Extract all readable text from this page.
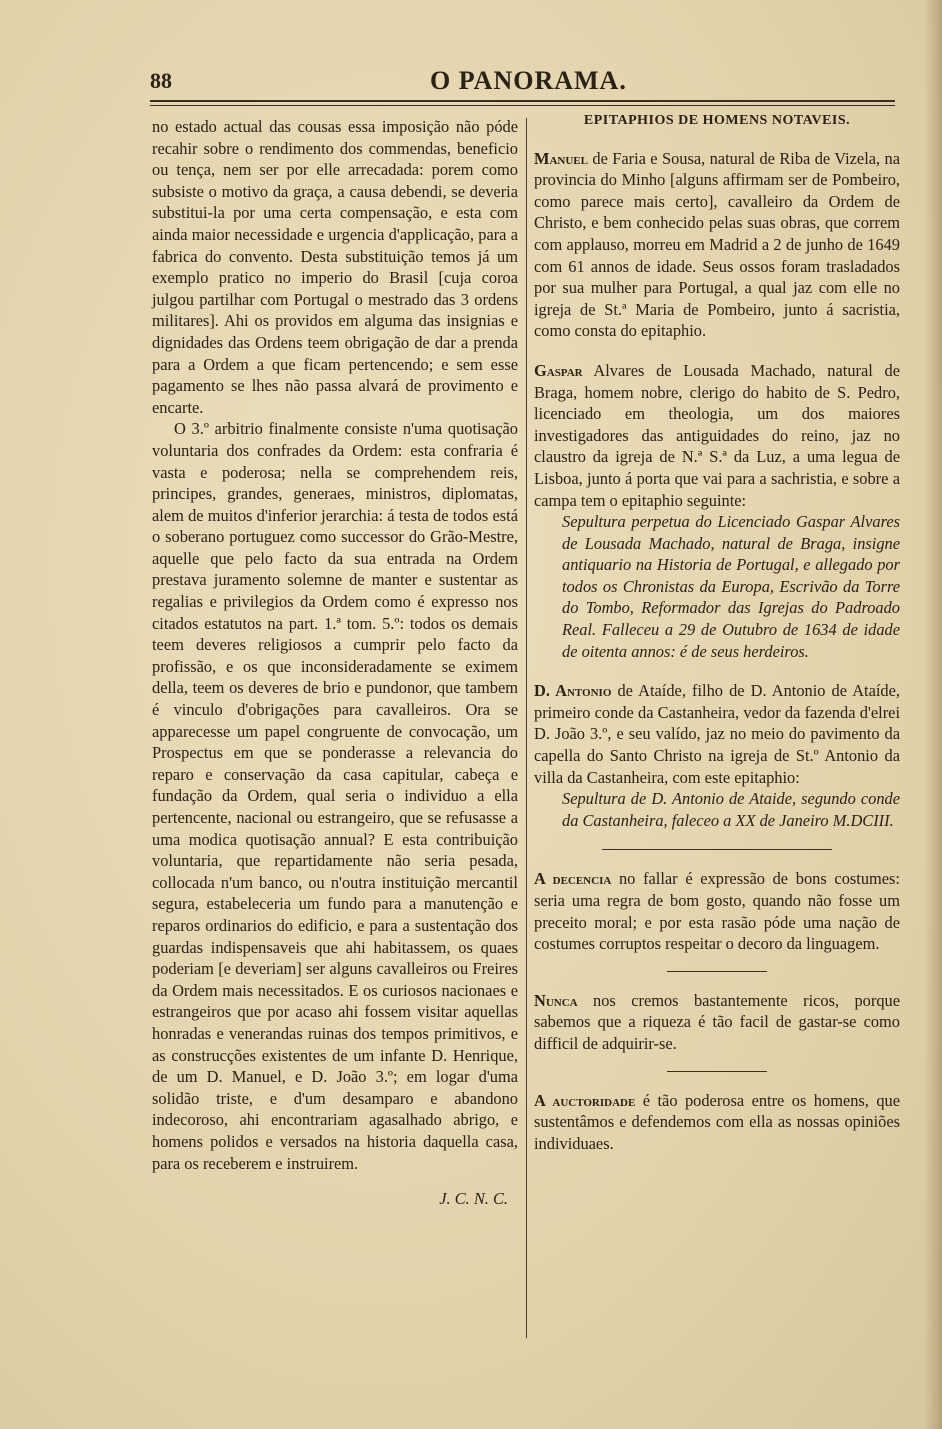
88	O PANORAMA.

no estado actual das cousas essa imposição não póde recahir sobre o rendimento dos commendas, beneficio ou tença, nem ser por elle arrecadada: porem como subsiste o motivo da graça, a causa debendi, se deveria substitui-la por uma certa compensação, e esta com ainda maior necessidade e urgencia d'applicação, para a fabrica do convento. Desta substituição temos já um exemplo pratico no imperio do Brasil [cuja coroa julgou partilhar com Portugal o mestrado das 3 ordens militares]. Ahi os providos em alguma das insignias e dignidades das Ordens teem obrigação de dar a prenda para a Ordem a que ficam pertencendo; e sem esse pagamento se lhes não passa alvará de provimento e encarte.

O 3.º arbitrio finalmente consiste n'uma quotisação voluntaria dos confrades da Ordem: esta confraria é vasta e poderosa; nella se comprehendem reis, principes, grandes, generaes, ministros, diplomatas, alem de muitos d'inferior jerarchia: á testa de todos está o soberano portuguez como successor do Grão-Mestre, aquelle que pelo facto da sua entrada na Ordem prestava juramento solemne de manter e sustentar as regalias e privilegios da Ordem como é expresso nos citados estatutos na part. 1.ª tom. 5.º: todos os demais teem deveres religiosos a cumprir pelo facto da profissão, e os que inconsideradamente se eximem della, teem os deveres de brio e pundonor, que tambem é vinculo d'obrigações para cavalleiros. Ora se apparecesse um papel congruente de convocação, um Prospectus em que se ponderasse a relevancia do reparo e conservação da casa capitular, cabeça e fundação da Ordem, qual seria o individuo a ella pertencente, nacional ou estrangeiro, que se refusasse a uma modica quotisação annual? E esta contribuição voluntaria, que repartidamente não seria pesada, collocada n'um banco, ou n'outra instituição mercantil segura, estabeleceria um fundo para a manutenção e reparos ordinarios do edificio, e para a sustentação dos guardas indispensaveis que ahi habitassem, os quaes poderiam [e deveriam] ser alguns cavalleiros ou Freires da Ordem mais necessitados. E os curiosos nacionaes e estrangeiros que por acaso ahi fossem visitar aquellas honradas e venerandas ruinas dos tempos primitivos, e as construcções existentes de um infante D. Henrique, de um D. Manuel, e D. João 3.º; em logar d'uma solidão triste, e d'um desamparo e abandono indecoroso, ahi encontrariam agasalhado abrigo, e homens polidos e versados na historia daquella casa, para os receberem e instruirem.

J. C. N. C.

EPITAPHIOS DE HOMENS NOTAVEIS.

Manuel de Faria e Sousa, natural de Riba de Vizela, na provincia do Minho [alguns affirmam ser de Pombeiro, como parece mais certo], cavalleiro da Ordem de Christo, e bem conhecido pelas suas obras, que correm com applauso, morreu em Madrid a 2 de junho de 1649 com 61 annos de idade. Seus ossos foram trasladados por sua mulher para Portugal, a qual jaz com elle no igreja de St.ª Maria de Pombeiro, junto á sacristia, como consta do epitaphio.

Gaspar Alvares de Lousada Machado, natural de Braga, homem nobre, clerigo do habito de S. Pedro, licenciado em theologia, um dos maiores investigadores das antiguidades do reino, jaz no claustro da igreja de N.ª S.ª da Luz, a uma legua de Lisboa, junto á porta que vai para a sachristia, e sobre a campa tem o epitaphio seguinte:

Sepultura perpetua do Licenciado Gaspar Alvares de Lousada Machado, natural de Braga, insigne antiquario na Historia de Portugal, e allegado por todos os Chronistas da Europa, Escrivão da Torre do Tombo, Reformador das Igrejas do Padroado Real. Falleceu a 29 de Outubro de 1634 de idade de oitenta annos: é de seus herdeiros.

D. Antonio de Ataíde, filho de D. Antonio de Ataíde, primeiro conde da Castanheira, vedor da fazenda d'elrei D. João 3.º, e seu valído, jaz no meio do pavimento da capella do Santo Christo na igreja de St.º Antonio da villa da Castanheira, com este epitaphio:

Sepultura de D. Antonio de Ataide, segundo conde da Castanheira, faleceo a XX de Janeiro M.DCIII.

A decencia no fallar é expressão de bons costumes: seria uma regra de bom gosto, quando não fosse um preceito moral; e por esta rasão póde uma nação de costumes corruptos respeitar o decoro da linguagem.

Nunca nos cremos bastantemente ricos, porque sabemos que a riqueza é tão facil de gastar-se como difficil de adquirir-se.

A auctoridade é tão poderosa entre os homens, que sustentâmos e defendemos com ella as nossas opiniões individuaes.
